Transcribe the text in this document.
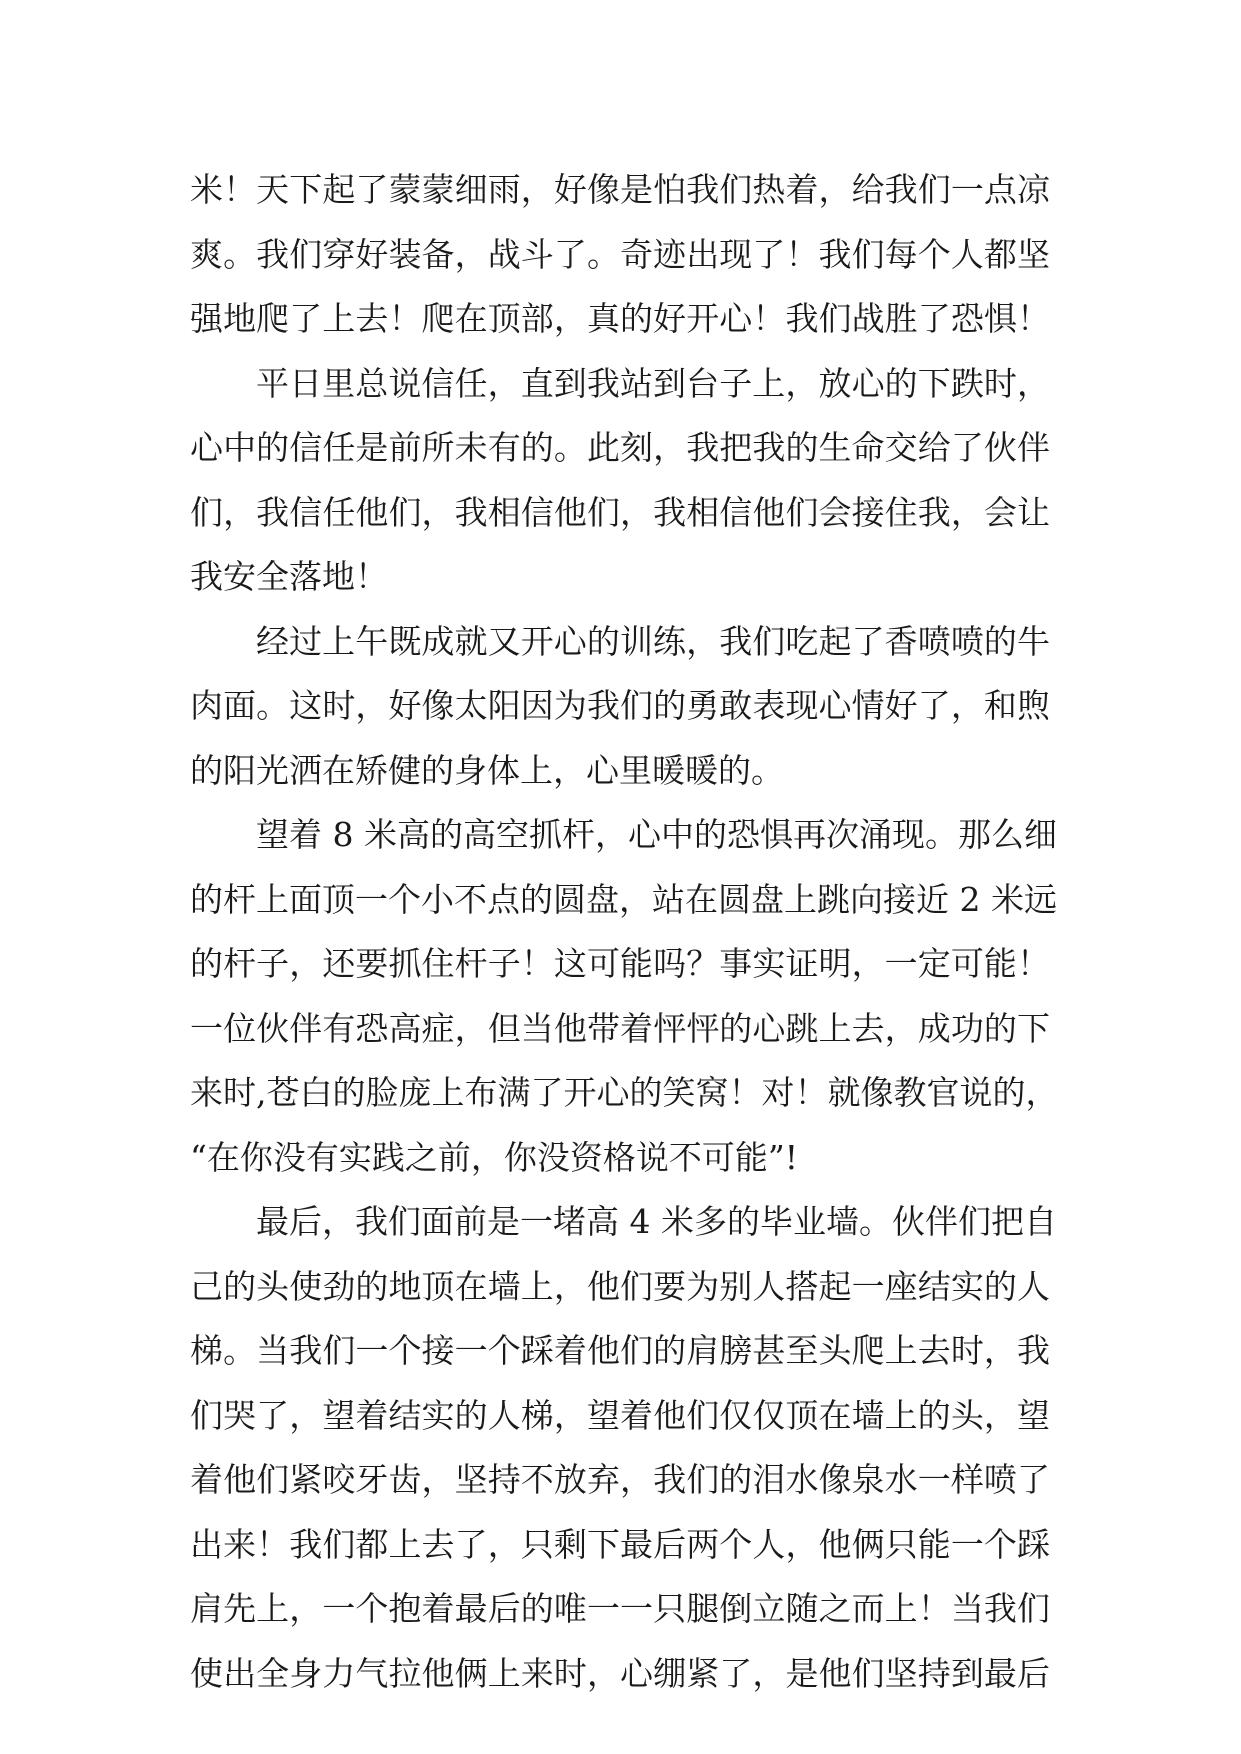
米！天下起了蒙蒙细雨，好像是怕我们热着，给我们一点凉
爽。我们穿好装备，战斗了。奇迹出现了！我们每个人都坚
强地爬了上去！爬在顶部，真的好开心！我们战胜了恐惧！
平日里总说信任，直到我站到台子上，放心的下跌时，
心中的信任是前所未有的。此刻，我把我的生命交给了伙伴
们，我信任他们，我相信他们，我相信他们会接住我，会让
我安全落地！
经过上午既成就又开心的训练，我们吃起了香喷喷的牛
肉面。这时，好像太阳因为我们的勇敢表现心情好了，和煦
的阳光洒在矫健的身体上，心里暖暖的。
望着 8 米高的高空抓杆，心中的恐惧再次涌现。那么细
的杆上面顶一个小不点的圆盘，站在圆盘上跳向接近 2 米远
的杆子，还要抓住杆子！这可能吗？事实证明，一定可能！
一位伙伴有恐高症，但当他带着怦怦的心跳上去，成功的下
来时,苍白的脸庞上布满了开心的笑窝！对！就像教官说的，
“在你没有实践之前，你没资格说不可能”!
最后，我们面前是一堵高 4 米多的毕业墙。伙伴们把自
己的头使劲的地顶在墙上，他们要为别人搭起一座结实的人
梯。当我们一个接一个踩着他们的肩膀甚至头爬上去时，我
们哭了，望着结实的人梯，望着他们仅仅顶在墙上的头，望
着他们紧咬牙齿，坚持不放弃，我们的泪水像泉水一样喷了
出来！我们都上去了，只剩下最后两个人，他俩只能一个踩
肩先上，一个抱着最后的唯一一只腿倒立随之而上！当我们
使出全身力气拉他俩上来时，心绷紧了，是他们坚持到最后
